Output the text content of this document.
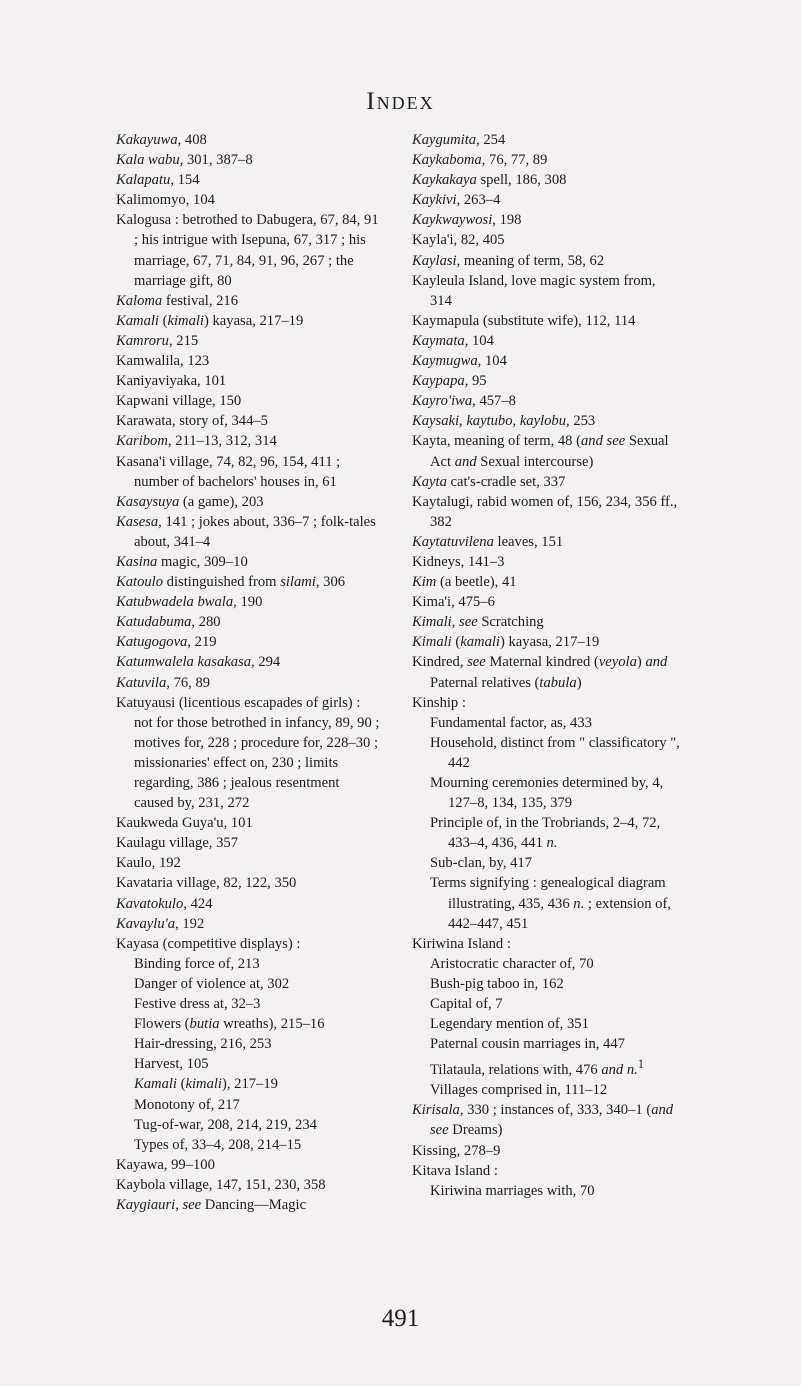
Index

Kakayuwa, 408

Kala wabu, 301, 387–8

Kalapatu, 154

Kalimomyo, 104

Kalogusa : betrothed to Dabugera, 67, 84, 91 ; his intrigue with Isepuna, 67, 317 ; his marriage, 67, 71, 84, 91, 96, 267 ; the marriage gift, 80

Kaloma festival, 216

Kamali (kimali) kayasa, 217–19

Kamroru, 215

Kamwalila, 123

Kaniyaviyaka, 101

Kapwani village, 150

Karawata, story of, 344–5

Karibom, 211–13, 312, 314

Kasana'i village, 74, 82, 96, 154, 411 ; number of bachelors' houses in, 61

Kasaysuya (a game), 203

Kasesa, 141 ; jokes about, 336–7 ; folk-tales about, 341–4

Kasina magic, 309–10

Katoulo distinguished from silami, 306

Katubwadela bwala, 190

Katudabuma, 280

Katugogova, 219

Katumwalela kasakasa, 294

Katuvila, 76, 89

Katuyausi (licentious escapades of girls) : not for those betrothed in infancy, 89, 90 ; motives for, 228 ; procedure for, 228–30 ; missionaries' effect on, 230 ; limits regarding, 386 ; jealous resentment caused by, 231, 272

Kaukweda Guya'u, 101

Kaulagu village, 357

Kaulo, 192

Kavataria village, 82, 122, 350

Kavatokulo, 424

Kavaylu'a, 192

Kayasa (competitive displays) :

Binding force of, 213

Danger of violence at, 302

Festive dress at, 32–3

Flowers (butia wreaths), 215–16

Hair-dressing, 216, 253

Harvest, 105

Kamali (kimali), 217–19

Monotony of, 217

Tug-of-war, 208, 214, 219, 234

Types of, 33–4, 208, 214–15

Kayawa, 99–100

Kaybola village, 147, 151, 230, 358

Kaygiauri, see Dancing—Magic

Kaygumita, 254

Kaykaboma, 76, 77, 89

Kaykakaya spell, 186, 308

Kaykivi, 263–4

Kaykwaywosi, 198

Kayla'i, 82, 405

Kaylasi, meaning of term, 58, 62

Kayleula Island, love magic system from, 314

Kaymapula (substitute wife), 112, 114

Kaymata, 104

Kaymugwa, 104

Kaypapa, 95

Kayro'iwa, 457–8

Kaysaki, kaytubo, kaylobu, 253

Kayta, meaning of term, 48 (and see Sexual Act and Sexual intercourse)

Kayta cat's-cradle set, 337

Kaytalugi, rabid women of, 156, 234, 356 ff., 382

Kaytatuvilena leaves, 151

Kidneys, 141–3

Kim (a beetle), 41

Kima'i, 475–6

Kimali, see Scratching

Kimali (kamali) kayasa, 217–19

Kindred, see Maternal kindred (veyola) and Paternal relatives (tabula)

Kinship :

Fundamental factor, as, 433

Household, distinct from " classificatory ", 442

Mourning ceremonies determined by, 4, 127–8, 134, 135, 379

Principle of, in the Trobriands, 2–4, 72, 433–4, 436, 441 n.

Sub-clan, by, 417

Terms signifying : genealogical diagram illustrating, 435, 436 n. ; extension of, 442–447, 451

Kiriwina Island :

Aristocratic character of, 70

Bush-pig taboo in, 162

Capital of, 7

Legendary mention of, 351

Paternal cousin marriages in, 447

Tilataula, relations with, 476 and n.$^1$

Villages comprised in, 111–12

Kirisala, 330 ; instances of, 333, 340–1 (and see Dreams)

Kissing, 278–9

Kitava Island :

Kiriwina marriages with, 70

491
